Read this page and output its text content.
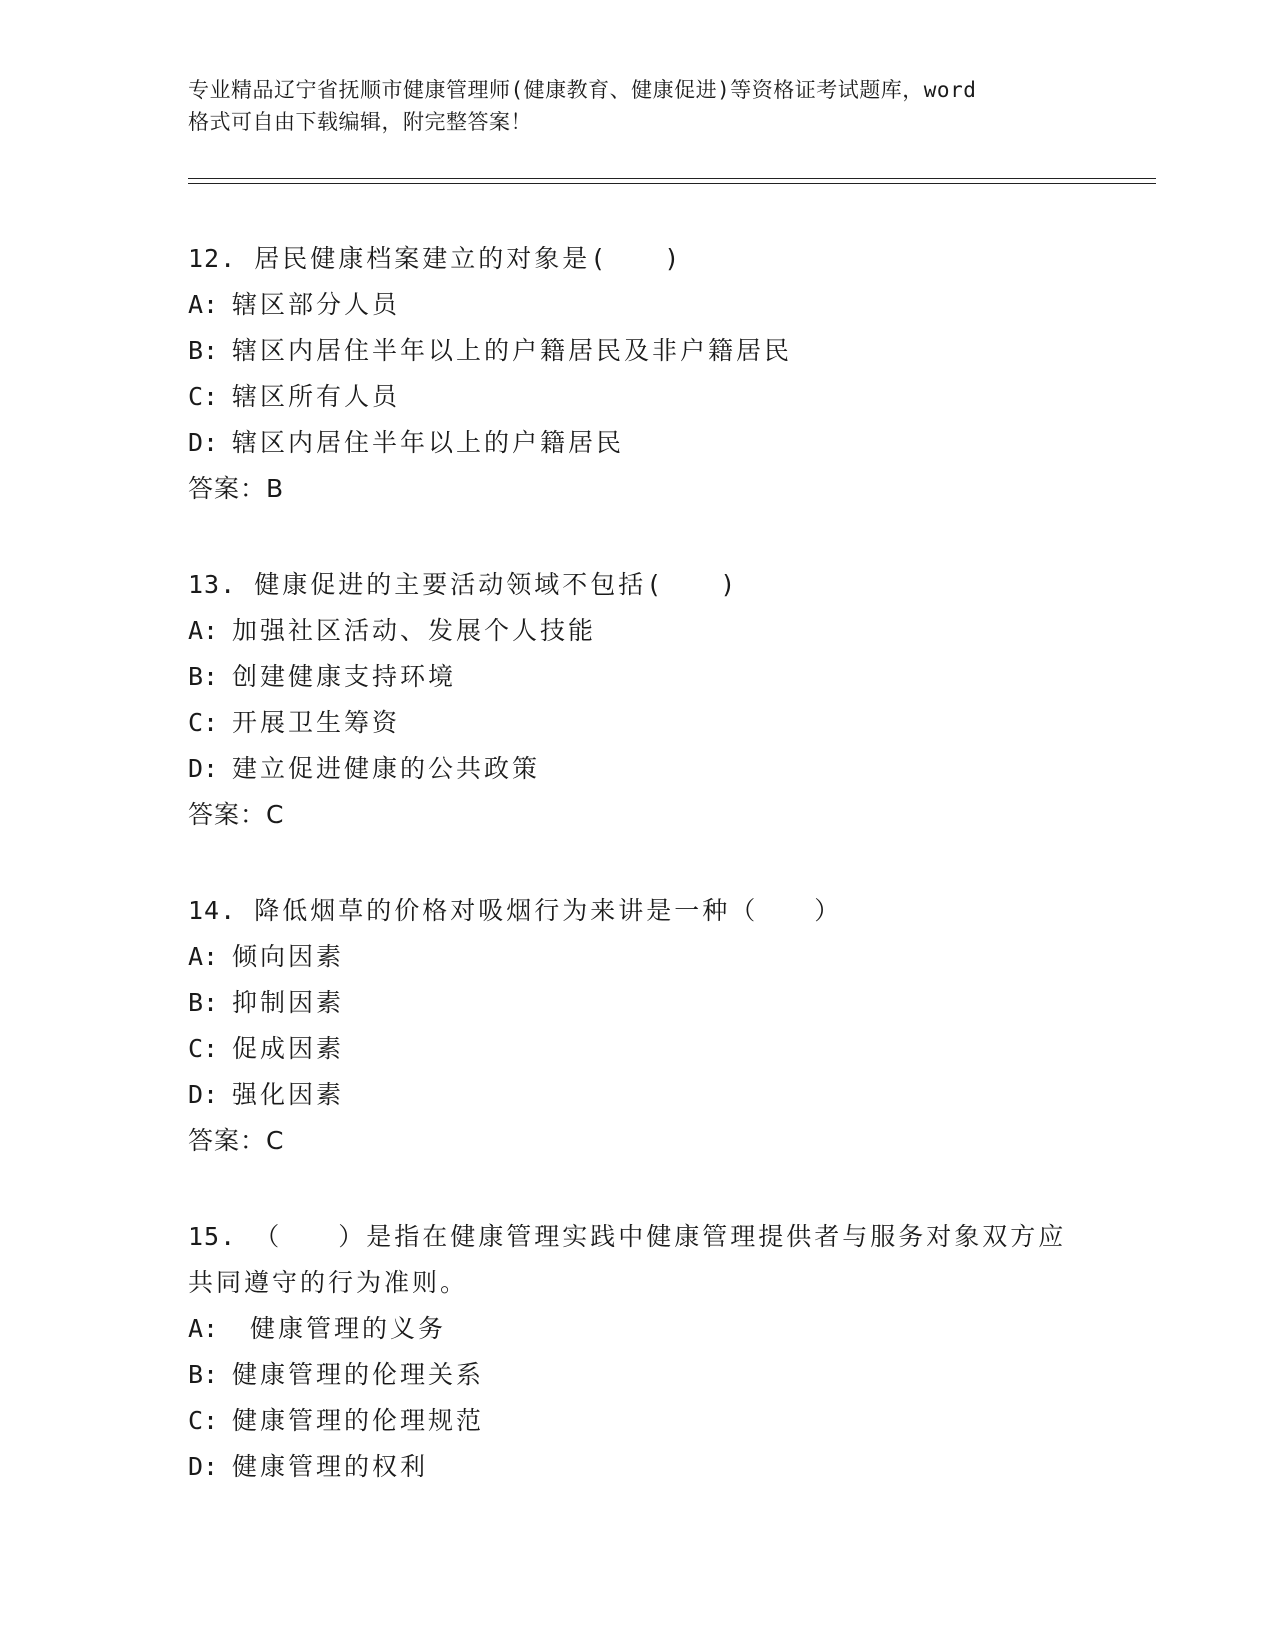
专业精品辽宁省抚顺市健康管理师(健康教育、健康促进)等资格证考试题库，word
格式可自由下载编辑，附完整答案！
12. 居民健康档案建立的对象是(　　)
A: 辖区部分人员
B: 辖区内居住半年以上的户籍居民及非户籍居民
C: 辖区所有人员
D: 辖区内居住半年以上的户籍居民
答案：B
13. 健康促进的主要活动领域不包括(　　)
A: 加强社区活动、发展个人技能
B: 创建健康支持环境
C: 开展卫生筹资
D: 建立促进健康的公共政策
答案：C
14. 降低烟草的价格对吸烟行为来讲是一种（　　）
A: 倾向因素
B: 抑制因素
C: 促成因素
D: 强化因素
答案：C
15. （　　）是指在健康管理实践中健康管理提供者与服务对象双方应共同遵守的行为准则。
A: 健康管理的义务
B: 健康管理的伦理关系
C: 健康管理的伦理规范
D: 健康管理的权利
